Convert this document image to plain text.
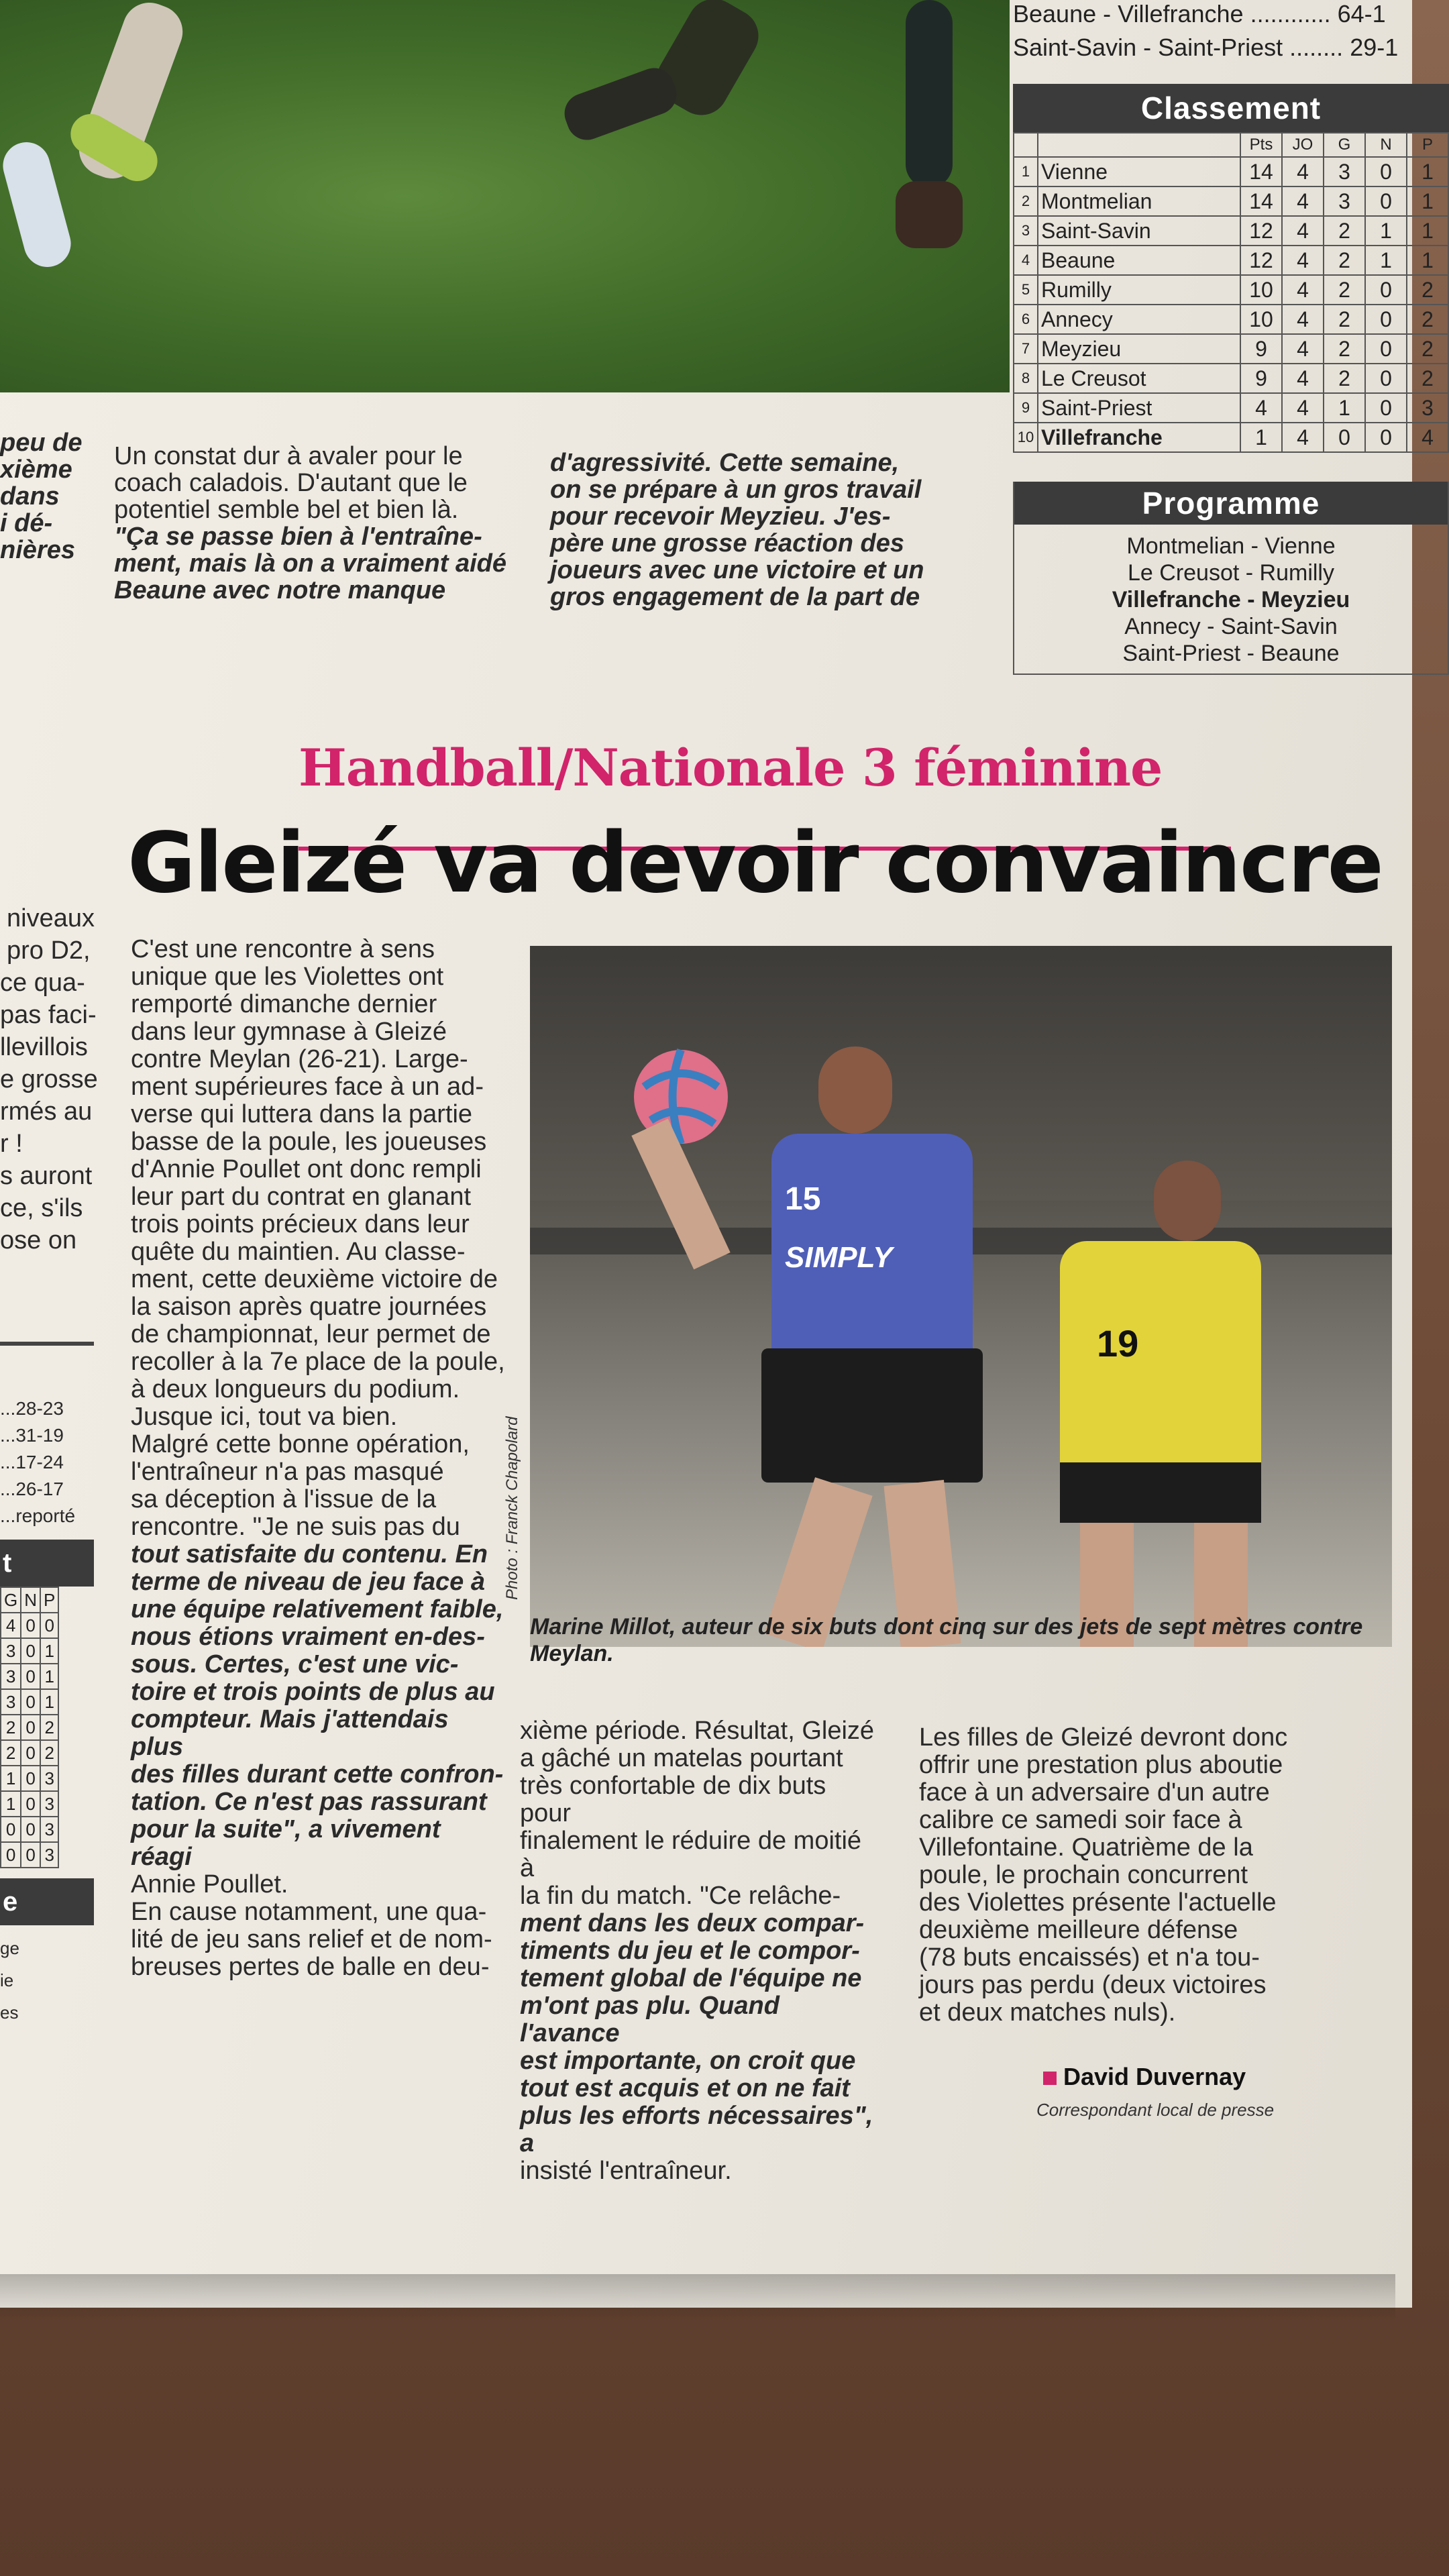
Beaune - Villefranche ............ 64-1
Saint-Savin - Saint-Priest ........ 29-1
Classement
		Pts	JO	G	N	P
1	Vienne	14	4	3	0	1
2	Montmelian	14	4	3	0	1
3	Saint-Savin	12	4	2	1	1
4	Beaune	12	4	2	1	1
5	Rumilly	10	4	2	0	2
6	Annecy	10	4	2	0	2
7	Meyzieu	9	4	2	0	2
8	Le Creusot	9	4	2	0	2
9	Saint-Priest	4	4	1	0	3
10	Villefranche	1	4	0	0	4
Programme
Montmelian - Vienne
Le Creusot - Rumilly
Villefranche - Meyzieu
Annecy - Saint-Savin
Saint-Priest - Beaune
peu de
xième
dans
i dé-
nières
Un constat dur à avaler pour le
coach caladois. D'autant que le
potentiel semble bel et bien là.
"Ça se passe bien à l'entraîne-
ment, mais là on a vraiment aidé
Beaune avec notre manque
d'agressivité. Cette semaine,
on se prépare à un gros travail
pour recevoir Meyzieu. J'es-
père une grosse réaction des
joueurs avec une victoire et un
gros engagement de la part de
Handball/Nationale 3 féminine
Gleizé va devoir convaincre
niveaux
pro D2,
ce qua-
pas faci-
llevillois
e grosse
rmés au
r !
s auront
ce, s'ils
ose on
...28-23
...31-19
...17-24
...26-17
...reporté
t
G	N	P
4	0	0
3	0	1
3	0	1
3	0	1
2	0	2
2	0	2
1	0	3
1	0	3
0	0	3
0	0	3
e
ge
ie
es
15
SIMPLY
19
Photo : Franck Chapolard
Marine Millot, auteur de six buts dont cinq sur des jets de sept mètres contre Meylan.
C'est une rencontre à sens
unique que les Violettes ont
remporté dimanche dernier
dans leur gymnase à Gleizé
contre Meylan (26-21). Large-
ment supérieures face à un ad-
verse qui luttera dans la partie
basse de la poule, les joueuses
d'Annie Poullet ont donc rempli
leur part du contrat en glanant
trois points précieux dans leur
quête du maintien. Au classe-
ment, cette deuxième victoire de
la saison après quatre journées
de championnat, leur permet de
recoller à la 7e place de la poule,
à deux longueurs du podium.
Jusque ici, tout va bien.
Malgré cette bonne opération,
l'entraîneur n'a pas masqué
sa déception à l'issue de la
rencontre. "Je ne suis pas du
tout satisfaite du contenu. En
terme de niveau de jeu face à
une équipe relativement faible,
nous étions vraiment en-des-
sous. Certes, c'est une vic-
toire et trois points de plus au
compteur. Mais j'attendais plus
des filles durant cette confron-
tation. Ce n'est pas rassurant
pour la suite", a vivement réagi
Annie Poullet.
En cause notamment, une qua-
lité de jeu sans relief et de nom-
breuses pertes de balle en deu-
xième période. Résultat, Gleizé
a gâché un matelas pourtant
très confortable de dix buts pour
finalement le réduire de moitié à
la fin du match. "Ce relâche-
ment dans les deux compar-
timents du jeu et le compor-
tement global de l'équipe ne
m'ont pas plu. Quand l'avance
est importante, on croit que
tout est acquis et on ne fait
plus les efforts nécessaires", a
insisté l'entraîneur.
Les filles de Gleizé devront donc
offrir une prestation plus aboutie
face à un adversaire d'un autre
calibre ce samedi soir face à
Villefontaine. Quatrième de la
poule, le prochain concurrent
des Violettes présente l'actuelle
deuxième meilleure défense
(78 buts encaissés) et n'a tou-
jours pas perdu (deux victoires
et deux matches nuls).
David Duvernay
Correspondant local de presse
